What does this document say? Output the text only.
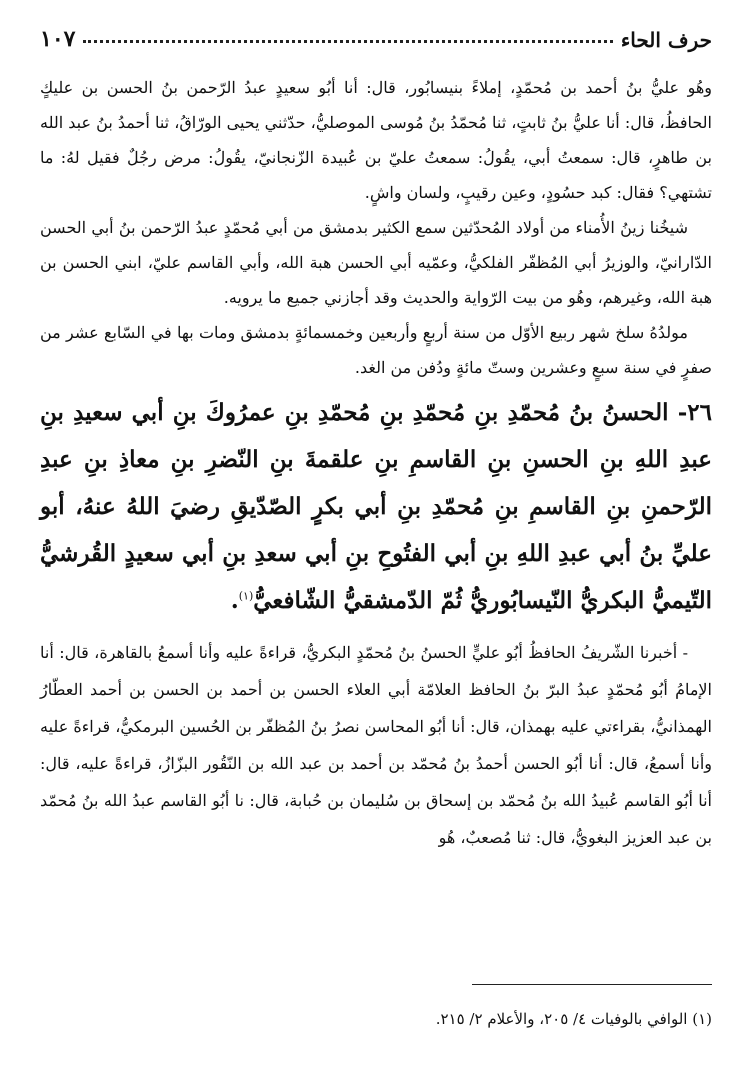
حرف الحاء
١٠٧

وهُو عليُّ بنُ أحمد بن مُحمّدٍ، إملاءً بنيسابُور، قال: أنا أبُو سعيدٍ عبدُ الرّحمن بنُ الحسن بن عليكٍ الحافظُ، قال: أنا عليُّ بنُ ثابتٍ، ثنا مُحمّدُ بنُ مُوسى الموصليُّ، حدّثني يحيى الورّاقُ، ثنا أحمدُ بنُ عبد الله بن طاهرٍ، قال: سمعتُ أبي، يقُولُ: سمعتُ عليّ بن عُبيدة الزّنجانيّ، يقُولُ: مرض رجُلٌ فقيل لهُ: ما تشتهي؟ فقال: كبد حسُودٍ، وعين رقيبٍ، ولسان واشٍ.

شيخُنا زينُ الأُمناء من أولاد المُحدّثين سمع الكثير بدمشق من أبي مُحمّدٍ عبدُ الرّحمن بنُ أبي الحسن الدّارانيّ، والوزيرُ أبي المُظفّر الفلكيُّ، وعمّيه أبي الحسن هبة الله، وأبي القاسم عليّ، ابني الحسن بن هبة الله، وغيرهم، وهُو من بيت الرّواية والحديث وقد أجازني جميع ما يرويه.

مولدُهُ سلخ شهر ربيع الأوّل من سنة أربعٍ وأربعين وخمسمائةٍ بدمشق ومات بها في السّابع عشر من صفرٍ في سنة سبعٍ وعشرين وستّ مائةٍ ودُفن من الغد.

٢٦- الحسنُ بنُ مُحمّدِ بنِ مُحمّدِ بنِ مُحمّدِ بنِ عمرُوكَ بنِ أبي سعيدِ بنِ عبدِ اللهِ بنِ الحسنِ بنِ القاسمِ بنِ علقمةَ بنِ النّضرِ بنِ معاذِ بنِ عبدِ الرّحمنِ بنِ القاسمِ بنِ مُحمّدِ بنِ أبي بكرٍ الصّدّيقِ رضيَ اللهُ عنهُ، أبو عليِّ بنُ أبي عبدِ اللهِ بنِ أبي الفتُوحِ بنِ أبي سعدِ بنِ أبي سعيدٍ القُرشيُّ التّيميُّ البكريُّ النّيسابُوريُّ ثُمّ الدّمشقيُّ الشّافعيُّ$^{(١)}$.

- أخبرنا الشّريفُ الحافظُ أبُو عليٍّ الحسنُ بنُ مُحمّدٍ البكريُّ، قراءةً عليه وأنا أسمعُ بالقاهرة، قال: أنا الإمامُ أبُو مُحمّدٍ عبدُ البرّ بنُ الحافظ العلامّة أبي العلاء الحسن بن أحمد بن الحسن بن أحمد العطّارُ الهمذانيُّ، بقراءتي عليه بهمذان، قال: أنا أبُو المحاسن نصرُ بنُ المُظفّر بن الحُسين البرمكيُّ، قراءةً عليه وأنا أسمعُ، قال: أنا أبُو الحسن أحمدُ بنُ مُحمّد بن أحمد بن عبد الله بن النّقُور البزّازُ، قراءةً عليه، قال: أنا أبُو القاسم عُبيدُ الله بنُ مُحمّد بن إسحاق بن سُليمان بن حُبابة، قال: نا أبُو القاسم عبدُ الله بنُ مُحمّد بن عبد العزيز البغويُّ، قال: ثنا مُصعبٌ، هُو

(١) الوافي بالوفيات ٤/ ٢٠٥، والأعلام ٢/ ٢١٥.
